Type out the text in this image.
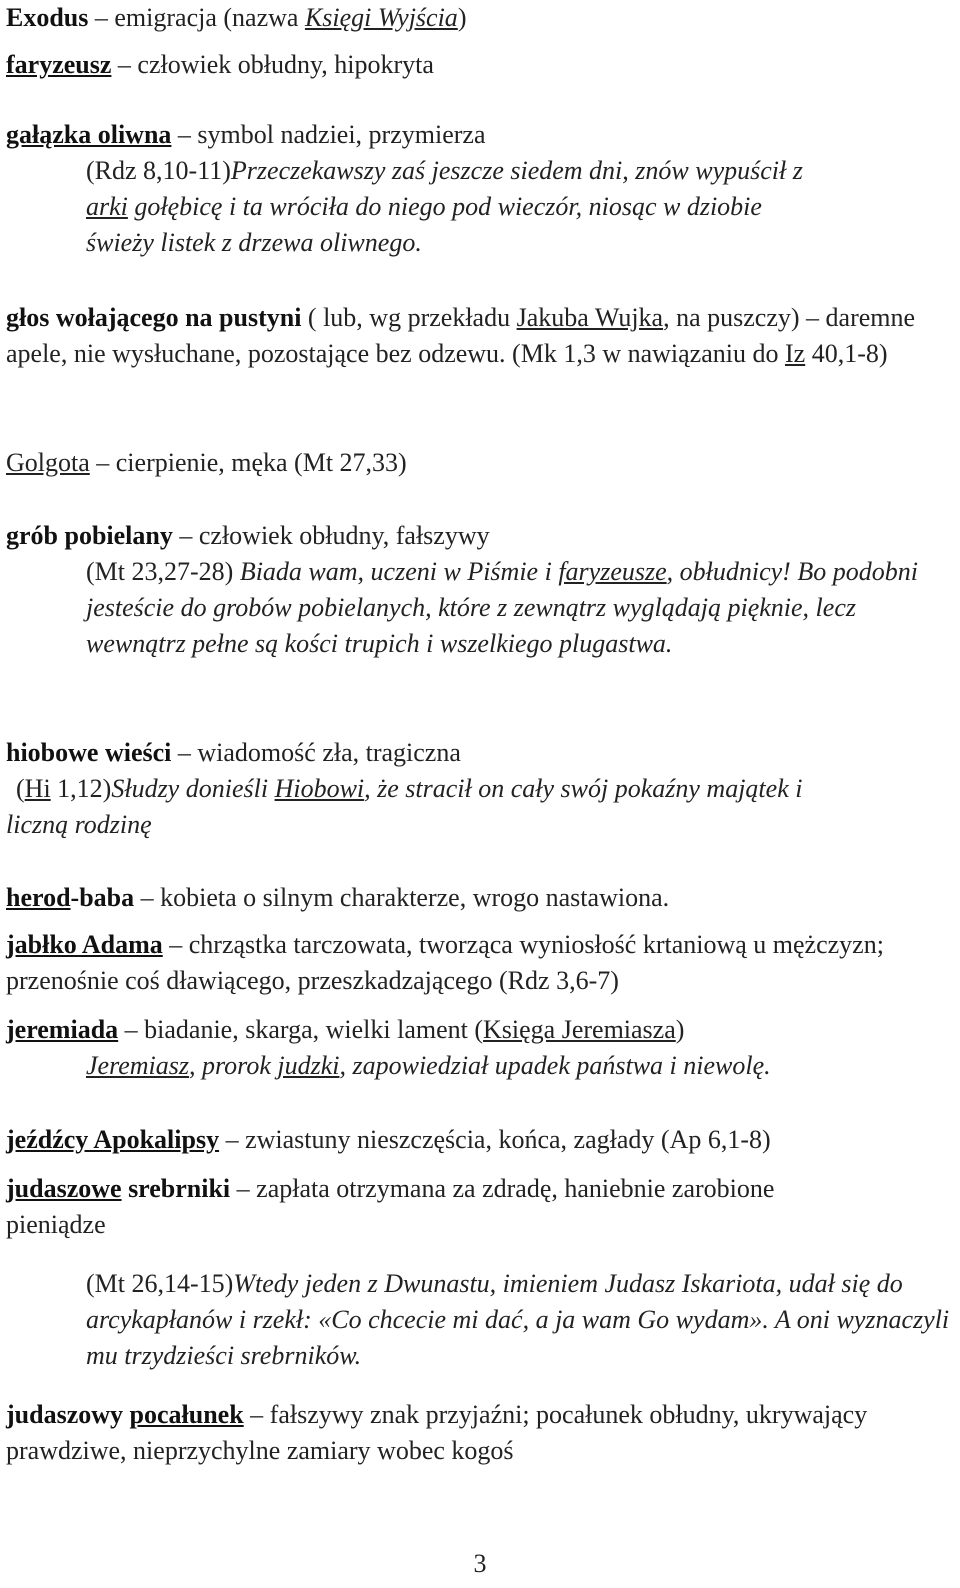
Exodus – emigracja (nazwa Księgi Wyjścia)
faryzeusz – człowiek obłudny, hipokryta
gałązka oliwna – symbol nadziei, przymierza
(Rdz 8,10-11)Przeczekawszy zaś jeszcze siedem dni, znów wypuścił z arki gołębicę i ta wróciła do niego pod wieczór, niosąc w dziobie świeży listek z drzewa oliwnego.
głos wołającego na pustyni ( lub, wg przekładu Jakuba Wujka, na puszczy) – daremne apele, nie wysłuchane, pozostające bez odzewu. (Mk 1,3 w nawiązaniu do Iz 40,1-8)
Golgota – cierpienie, męka (Mt 27,33)
grób pobielany – człowiek obłudny, fałszywy
(Mt 23,27-28) Biada wam, uczeni w Piśmie i faryzeusze, obłudnicy! Bo podobni jesteście do grobów pobielanych, które z zewnątrz wyglądają pięknie, lecz wewnątrz pełne są kości trupich i wszelkiego plugastwa.
hiobowe wieści – wiadomość zła, tragiczna
(Hi 1,12)Słudzy donieśli Hiobowi, że stracił on cały swój pokaźny majątek i liczną rodzinę
herod-baba – kobieta o silnym charakterze, wrogo nastawiona.
jabłko Adama – chrząstka tarczowata, tworząca wyniosłość krtaniową u mężczyzn; przenośnie coś dławiącego, przeszkadzającego (Rdz 3,6-7)
jeremiada – biadanie, skarga, wielki lament (Księga Jeremiasza)
Jeremiasz, prorok judzki, zapowiedział upadek państwa i niewolę.
jeźdźcy Apokalipsy – zwiastuny nieszczęścia, końca, zagłady (Ap 6,1-8)
judaszowe srebrniki – zapłata otrzymana za zdradę, haniebnie zarobione pieniądze
(Mt 26,14-15)Wtedy jeden z Dwunastu, imieniem Judasz Iskariota, udał się do arcykapłanów i rzekł: «Co chcecie mi dać, a ja wam Go wydam». A oni wyznaczyli mu trzydzieści srebrników.
judaszowy pocałunek – fałszywy znak przyjaźni; pocałunek obłudny, ukrywający prawdziwe, nieprzychylne zamiary wobec kogoś
3
